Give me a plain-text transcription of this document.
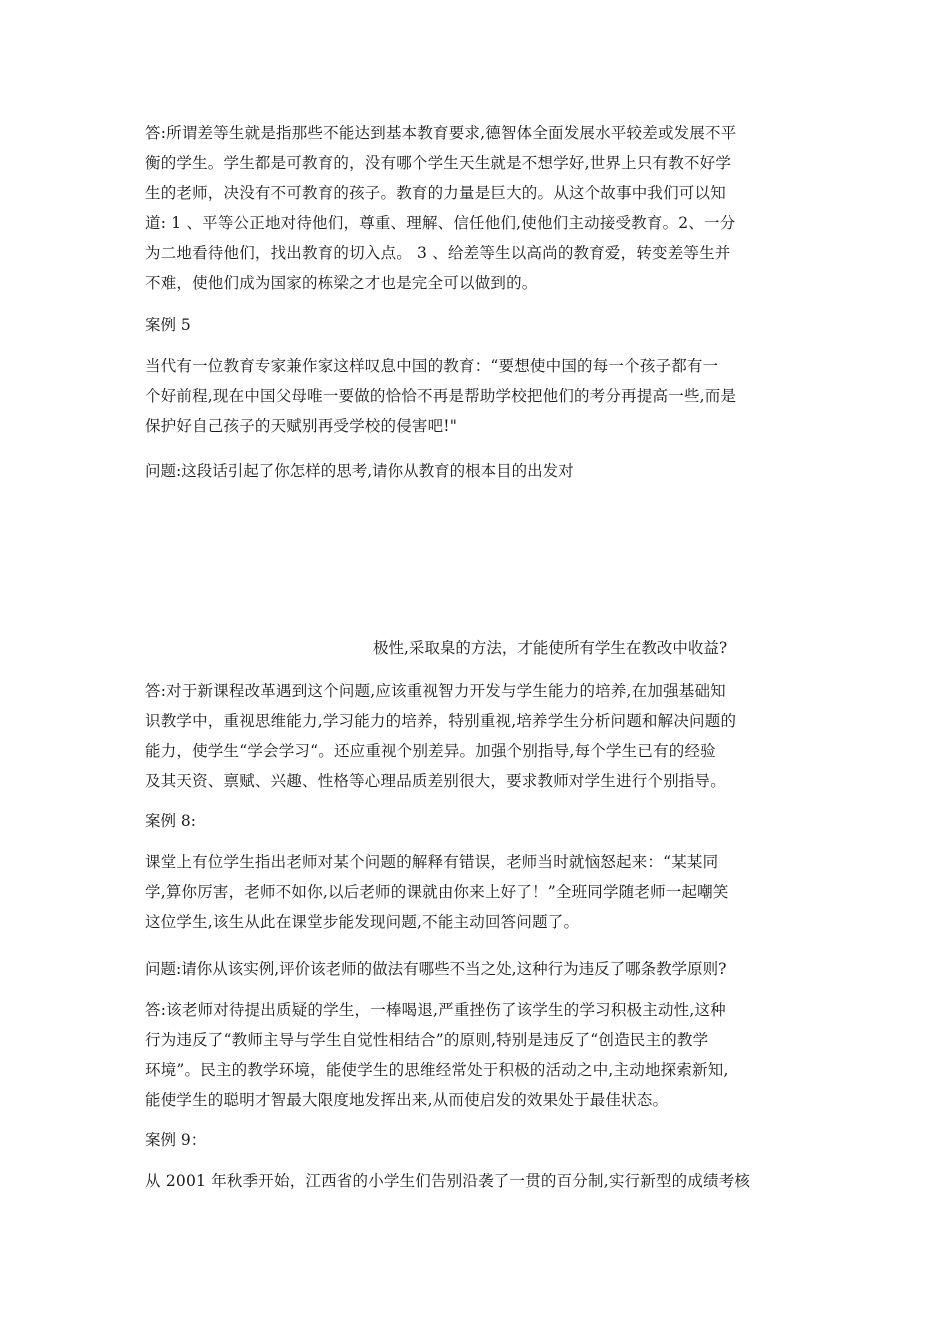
答:所谓差等生就是指那些不能达到基本教育要求,德智体全面发展水平较差或发展不平
衡的学生。学生都是可教育的，没有哪个学生天生就是不想学好,世界上只有教不好学
生的老师，决没有不可教育的孩子。教育的力量是巨大的。从这个故事中我们可以知
道: 1 、平等公正地对待他们，尊重、理解、信任他们,使他们主动接受教育。2、一分
为二地看待他们，找出教育的切入点。 3 、给差等生以高尚的教育爱，转变差等生并
不难，使他们成为国家的栋梁之才也是完全可以做到的。

案例 5

当代有一位教育专家兼作家这样叹息中国的教育：“要想使中国的每一个孩子都有一
个好前程,现在中国父母唯一要做的恰恰不再是帮助学校把他们的考分再提高一些,而是
保护好自己孩子的天赋别再受学校的侵害吧!"

问题:这段话引起了你怎样的思考,请你从教育的根本目的出发对

极性,采取臬的方法，才能使所有学生在教改中收益?

答:对于新课程改革遇到这个问题,应该重视智力开发与学生能力的培养,在加强基础知
识教学中，重视思维能力,学习能力的培养，特别重视,培养学生分析问题和解决问题的
能力，使学生“学会学习“。还应重视个别差异。加强个别指导,每个学生已有的经验
及其天资、禀赋、兴趣、性格等心理品质差别很大，要求教师对学生进行个别指导。

案例 8:

课堂上有位学生指出老师对某个问题的解释有错误，老师当时就恼怒起来：“某某同
学,算你厉害，老师不如你,以后老师的课就由你来上好了！”全班同学随老师一起嘲笑
这位学生,该生从此在课堂步能发现问题,不能主动回答问题了。

问题:请你从该实例,评价该老师的做法有哪些不当之处,这种行为违反了哪条教学原则?

答:该老师对待提出质疑的学生，一棒喝退,严重挫伤了该学生的学习积极主动性,这种
行为违反了“教师主导与学生自觉性相结合”的原则,特别是违反了“创造民主的教学
环境”。民主的教学环境，能使学生的思维经常处于积极的活动之中,主动地探索新知,
能使学生的聪明才智最大限度地发挥出来,从而使启发的效果处于最佳状态。

案例 9：

从 2001 年秋季开始，江西省的小学生们告别沿袭了一贯的百分制,实行新型的成绩考核
